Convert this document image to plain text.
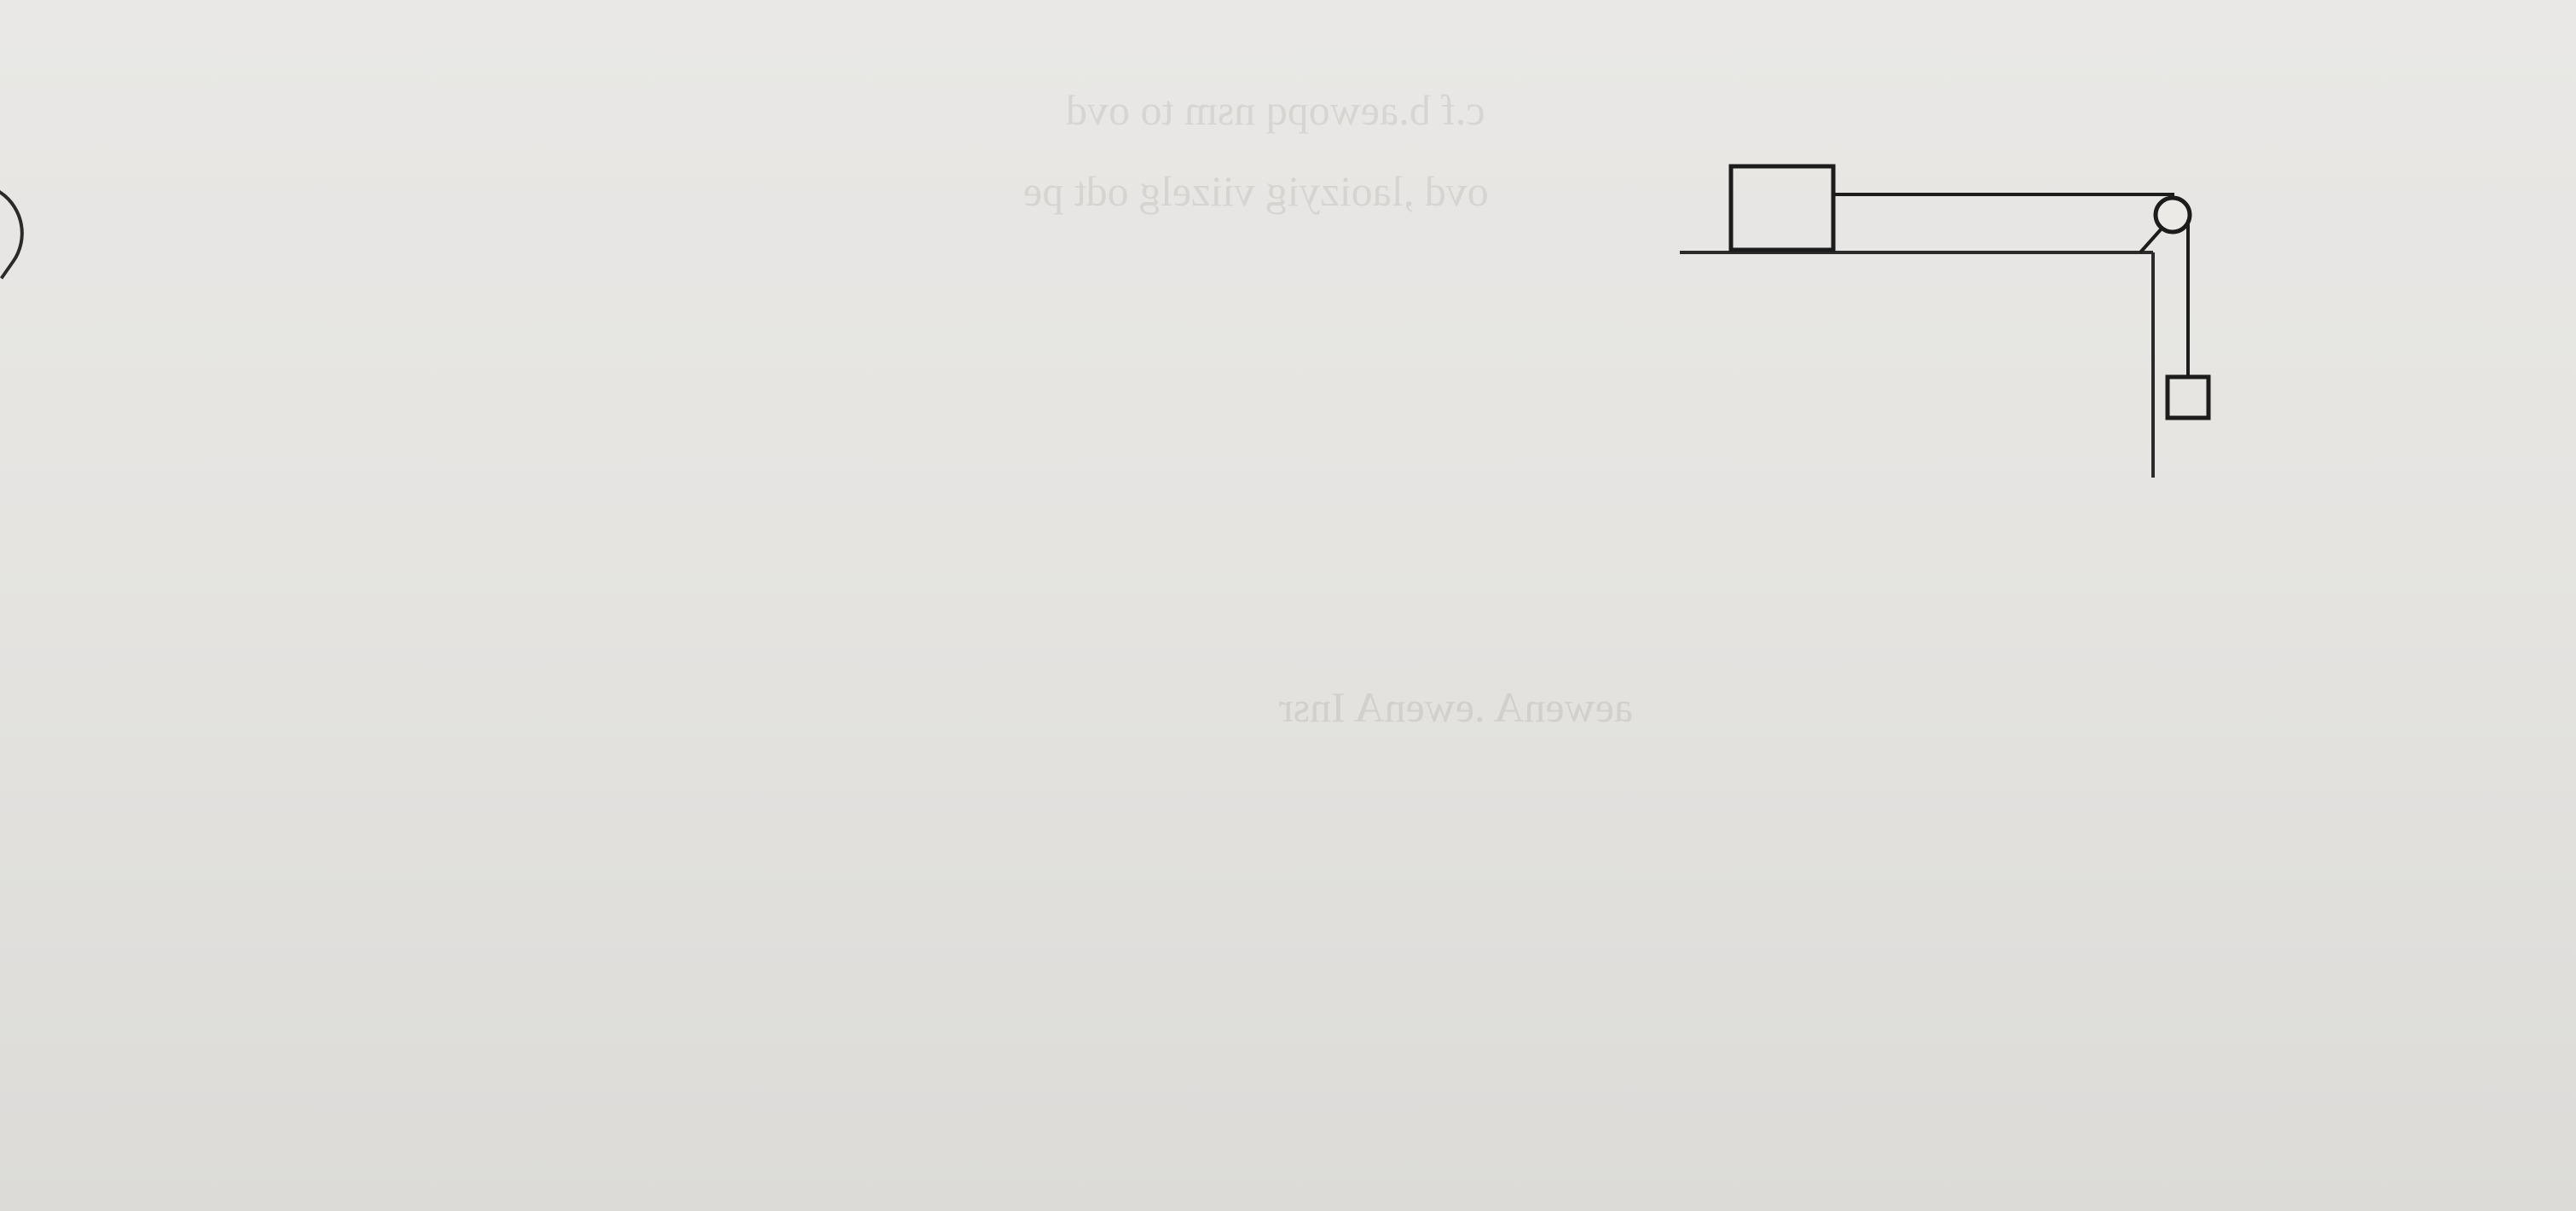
c.f b.aewopq nsm to ovd
ovd ,laoizyig viizelg odt pe
aewenA .ewenA Insr
